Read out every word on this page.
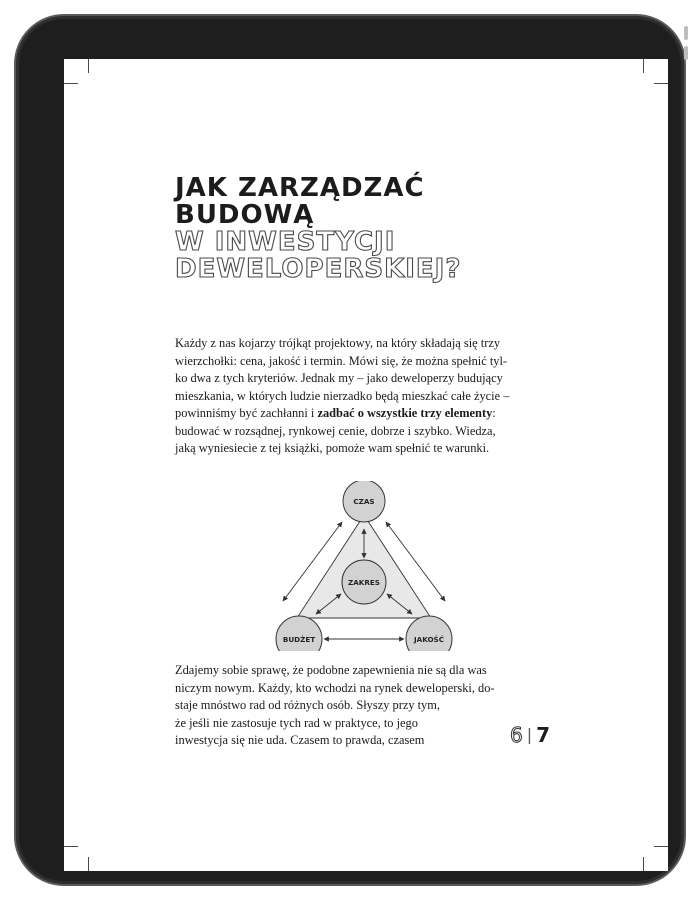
JAK ZARZĄDZAĆ
BUDOWĄ
W INWESTYCJI
DEWELOPERSKIEJ?

Każdy z nas kojarzy trójkąt projektowy, na który składają się trzy
wierzchołki: cena, jakość i termin. Mówi się, że można spełnić tyl-
ko dwa z tych kryteriów. Jednak my – jako deweloperzy budujący
mieszkania, w których ludzie nierzadko będą mieszkać całe życie –
powinniśmy być zachłanni i zadbać o wszystkie trzy elementy:
budować w rozsądnej, rynkowej cenie, dobrze i szybko. Wiedza,
jaką wyniesiecie z tej książki, pomoże wam spełnić te warunki.

CZAS
ZAKRES
BUDŻET	JAKOŚĆ

Zdajemy sobie sprawę, że podobne zapewnienia nie są dla was
niczym nowym. Każdy, kto wchodzi na rynek deweloperski, do-
staje mnóstwo rad od różnych osób. Słyszy przy tym,
że jeśli nie zastosuje tych rad w praktyce, to jego
inwestycja się nie uda. Czasem to prawda, czasem	6 | 7
